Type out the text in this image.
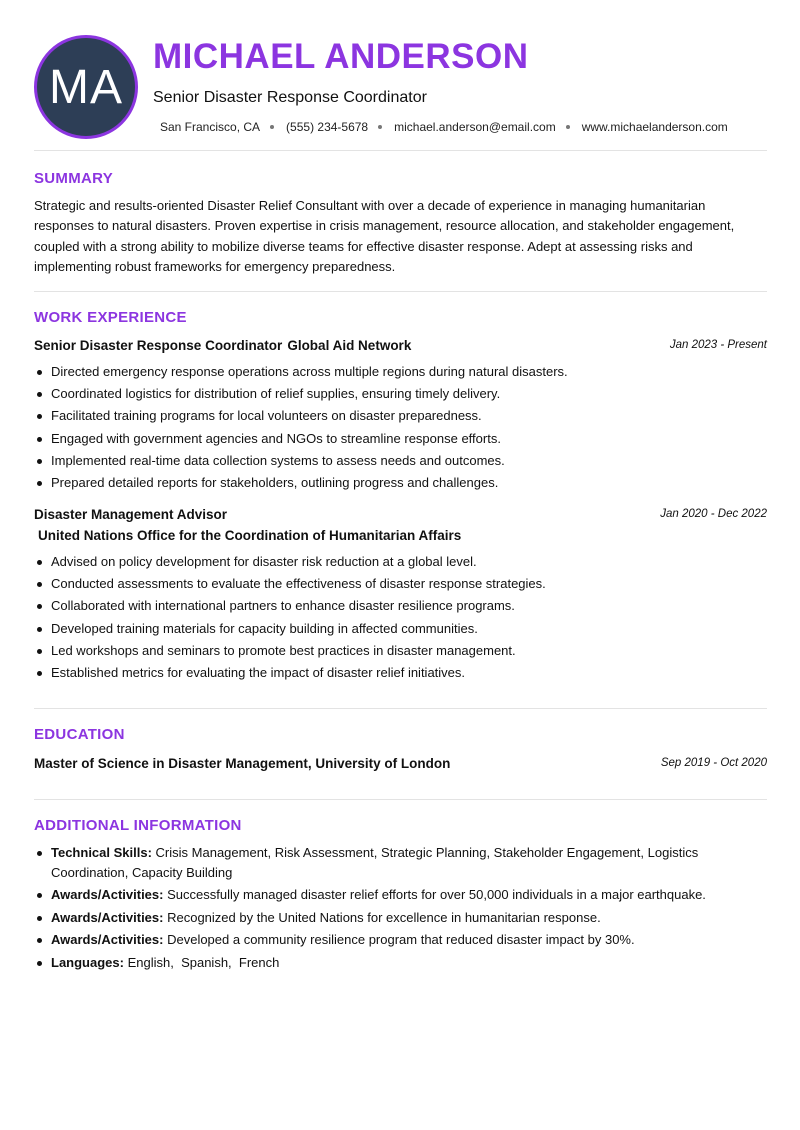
MA
MICHAEL ANDERSON
Senior Disaster Response Coordinator
San Francisco, CA (555) 234-5678 michael.anderson@email.com www.michaelanderson.com
SUMMARY

Strategic and results-oriented Disaster Relief Consultant with over a decade of experience in managing humanitarian responses to natural disasters. Proven expertise in crisis management, resource allocation, and stakeholder engagement, coupled with a strong ability to mobilize diverse teams for effective disaster response. Adept at assessing risks and implementing robust frameworks for emergency preparedness.

WORK EXPERIENCE
Senior Disaster Response Coordinator Global Aid Network	Jan 2023 - Present
Directed emergency response operations across multiple regions during natural disasters.
Coordinated logistics for distribution of relief supplies, ensuring timely delivery.
Facilitated training programs for local volunteers on disaster preparedness.
Engaged with government agencies and NGOs to streamline response efforts.
Implemented real-time data collection systems to assess needs and outcomes.
Prepared detailed reports for stakeholders, outlining progress and challenges.
Disaster Management Advisor	Jan 2020 - Dec 2022
United Nations Office for the Coordination of Humanitarian Affairs
Advised on policy development for disaster risk reduction at a global level.
Conducted assessments to evaluate the effectiveness of disaster response strategies.
Collaborated with international partners to enhance disaster resilience programs.
Developed training materials for capacity building in affected communities.
Led workshops and seminars to promote best practices in disaster management.
Established metrics for evaluating the impact of disaster relief initiatives.
EDUCATION
Master of Science in Disaster Management, University of London	Sep 2019 - Oct 2020
ADDITIONAL INFORMATION
Technical Skills: Crisis Management, Risk Assessment, Strategic Planning, Stakeholder Engagement, Logistics Coordination, Capacity Building
Awards/Activities: Successfully managed disaster relief efforts for over 50,000 individuals in a major earthquake.
Awards/Activities: Recognized by the United Nations for excellence in humanitarian response.
Awards/Activities: Developed a community resilience program that reduced disaster impact by 30%.
Languages: English,  Spanish,  French
